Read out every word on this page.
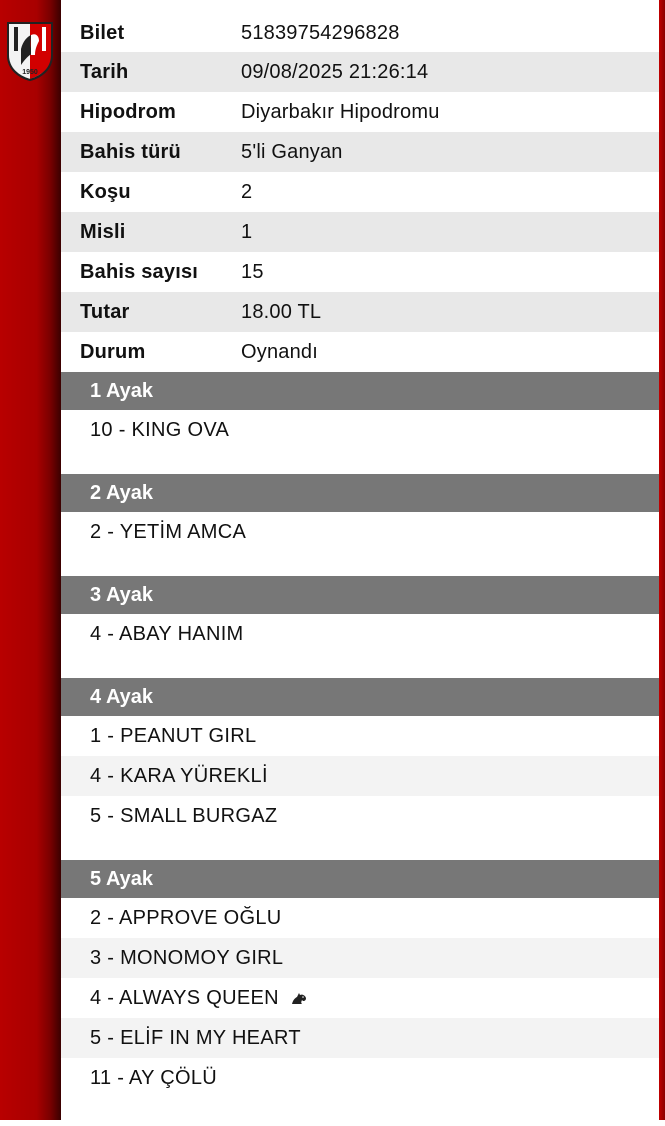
1950
Bilet	51839754296828
Tarih	09/08/2025 21:26:14
Hipodrom	Diyarbakır Hipodromu
Bahis türü	5'li Ganyan
Koşu	2
Misli	1
Bahis sayısı	15
Tutar	18.00 TL
Durum	Oynandı
1 Ayak
10 - KING OVA
2 Ayak
2 - YETİM AMCA
3 Ayak
4 - ABAY HANIM
4 Ayak
1 - PEANUT GIRL
4 - KARA YÜREKLİ
5 - SMALL BURGAZ
5 Ayak
2 - APPROVE OĞLU
3 - MONOMOY GIRL
4 - ALWAYS QUEEN
5 - ELİF IN MY HEART
11 - AY ÇÖLÜ
